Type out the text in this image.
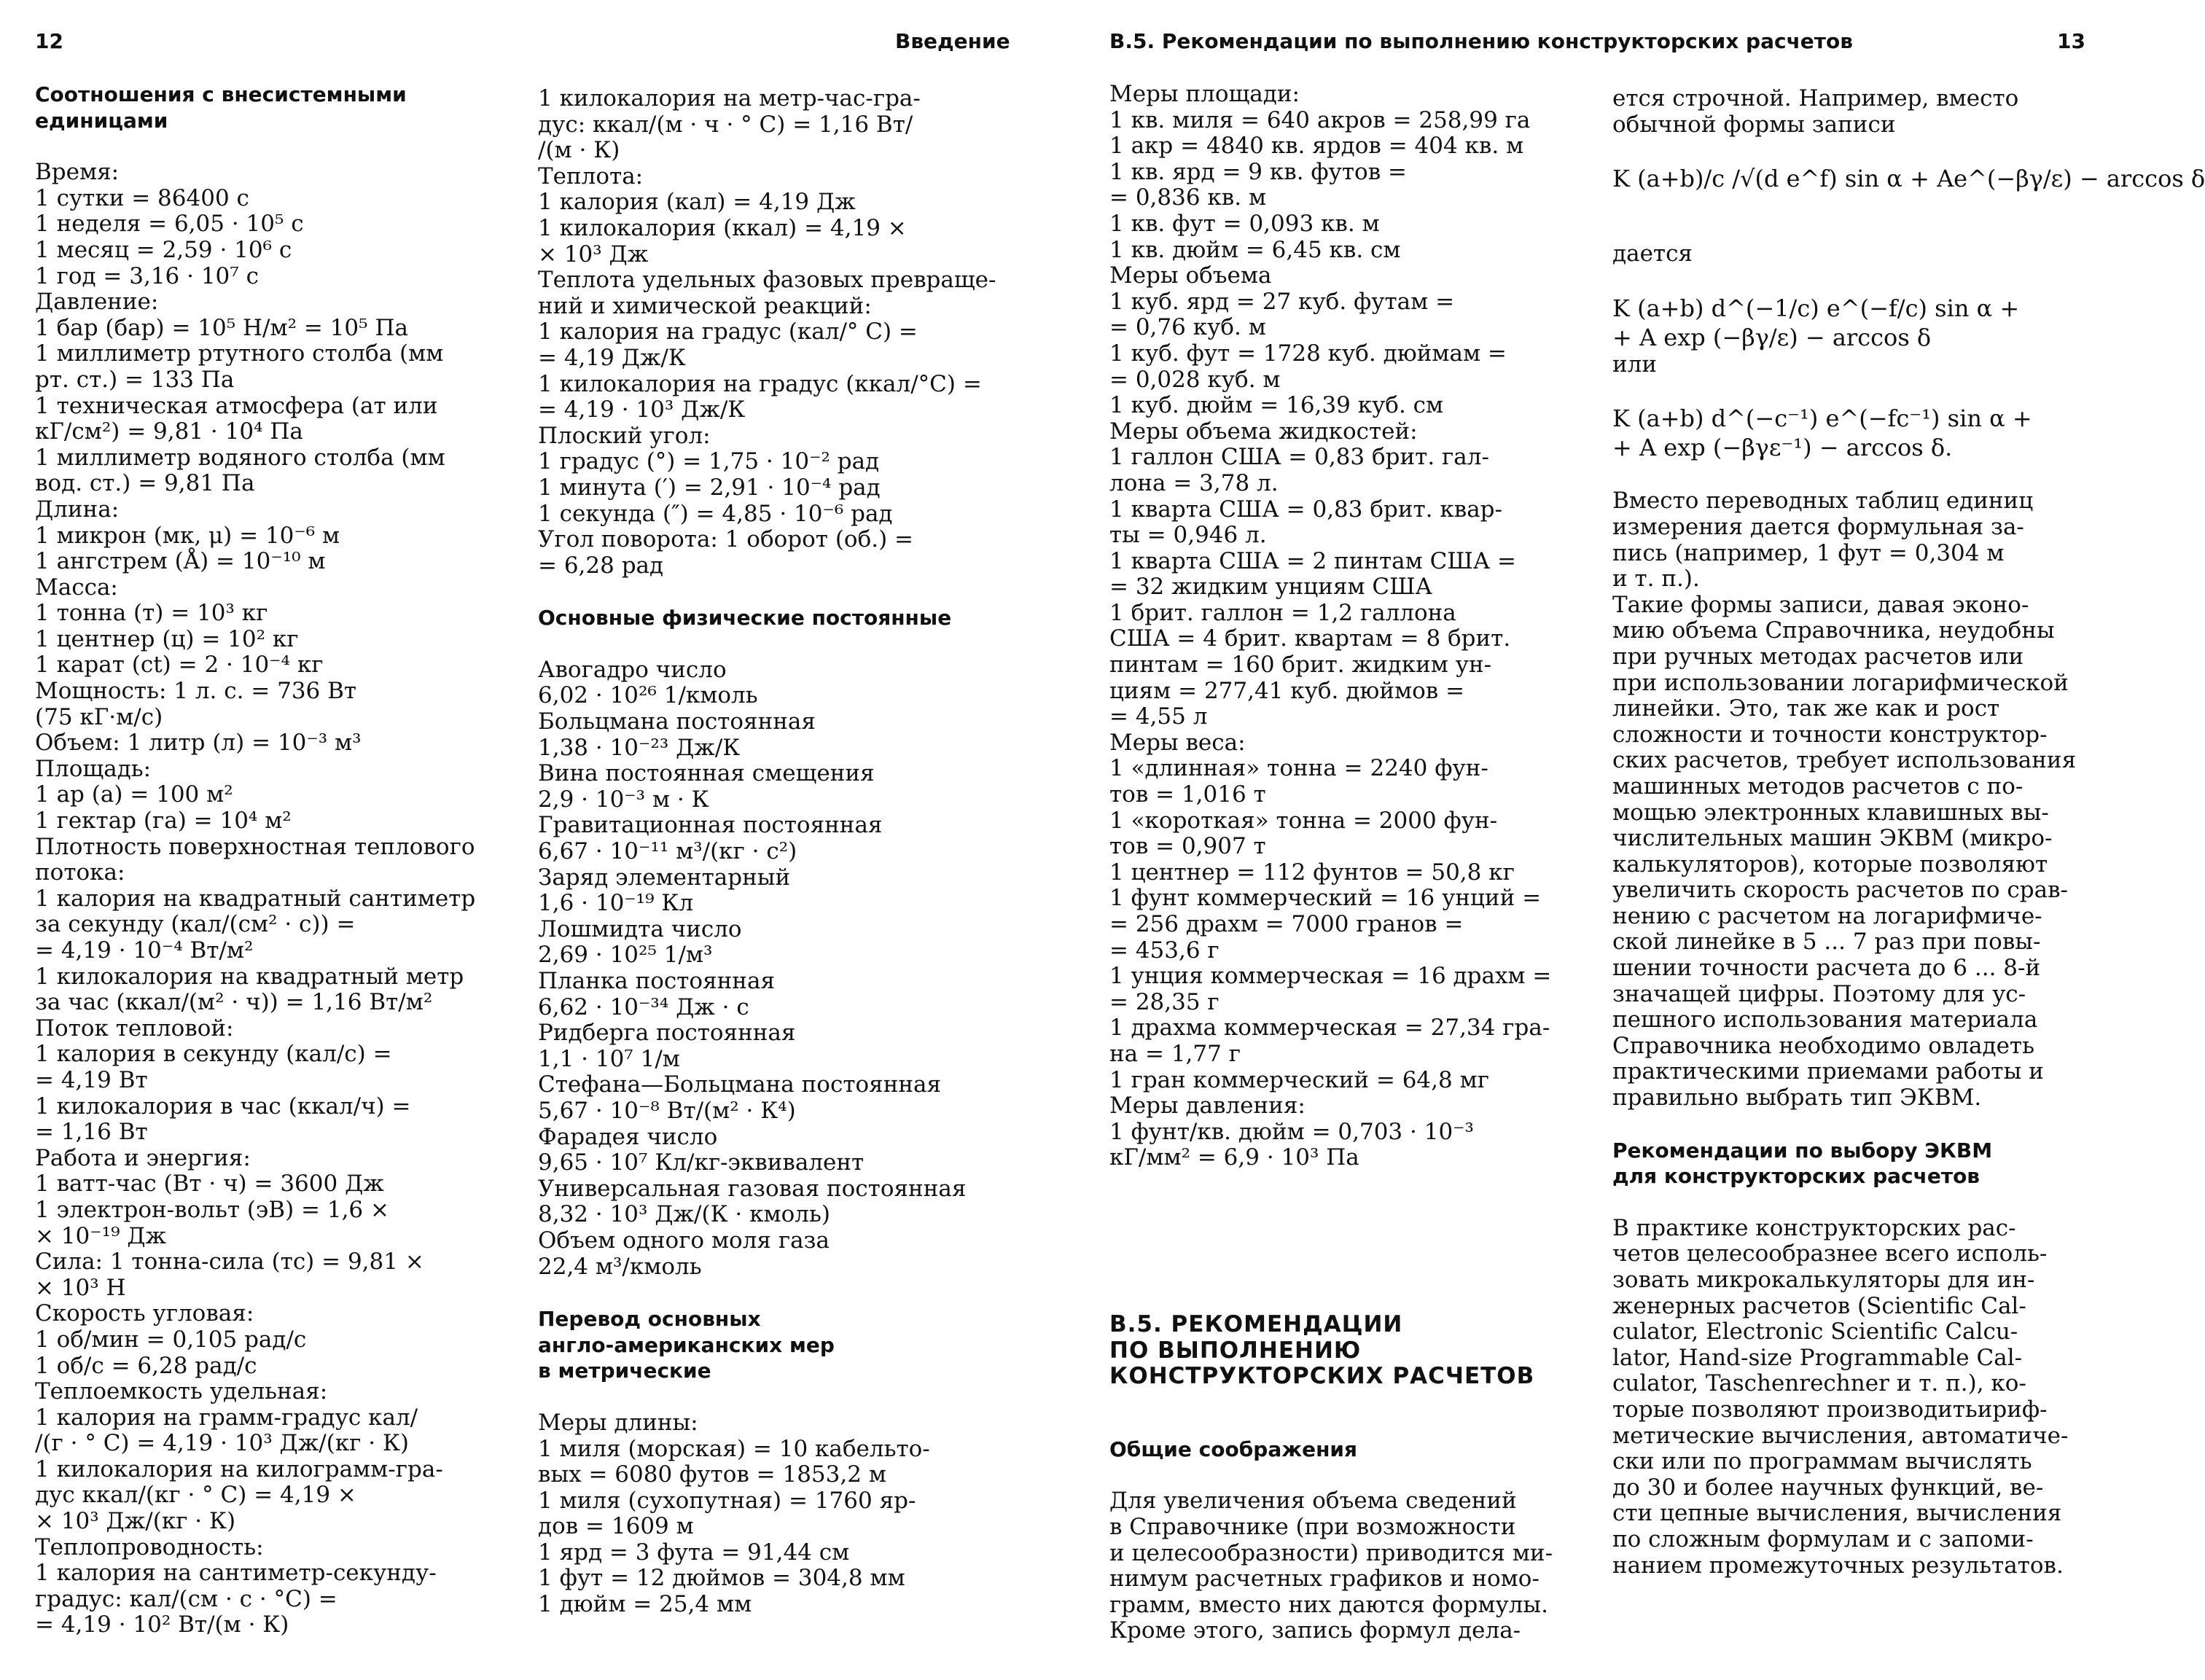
12	Введение
Соотношения с внесистемными
единицами
Время:
1 сутки = 86400 с
1 неделя = 6,05 · 10⁵ с
1 месяц = 2,59 · 10⁶ с
1 год = 3,16 · 10⁷ с
Давление:
1 бар (бар) = 10⁵ Н/м² = 10⁵ Па
1 миллиметр ртутного столба (мм
рт. ст.) = 133 Па
1 техническая атмосфера (ат или
кГ/см²) = 9,81 · 10⁴ Па
1 миллиметр водяного столба (мм
вод. ст.) = 9,81 Па
Длина:
1 микрон (мк, μ) = 10⁻⁶ м
1 ангстрем (Å) = 10⁻¹⁰ м
Масса:
1 тонна (т) = 10³ кг
1 центнер (ц) = 10² кг
1 карат (ct) = 2 · 10⁻⁴ кг
Мощность: 1 л. с. = 736 Вт
(75 кГ·м/с)
Объем: 1 литр (л) = 10⁻³ м³
Площадь:
1 ар (а) = 100 м²
1 гектар (га) = 10⁴ м²
Плотность поверхностная теплового
потока:
1 калория на квадратный сантиметр
за секунду (кал/(см² · с)) =
= 4,19 · 10⁻⁴ Вт/м²
1 килокалория на квадратный метр
за час (ккал/(м² · ч)) = 1,16 Вт/м²
Поток тепловой:
1 калория в секунду (кал/с) =
= 4,19 Вт
1 килокалория в час (ккал/ч) =
= 1,16 Вт
Работа и энергия:
1 ватт-час (Вт · ч) = 3600 Дж
1 электрон-вольт (эВ) = 1,6 ×
× 10⁻¹⁹ Дж
Сила: 1 тонна-сила (тс) = 9,81 ×
× 10³ Н
Скорость угловая:
1 об/мин = 0,105 рад/с
1 об/с = 6,28 рад/с
Теплоемкость удельная:
1 калория на грамм-градус кал/
/(г · ° С) = 4,19 · 10³ Дж/(кг · К)
1 килокалория на килограмм-гра-
дус ккал/(кг · ° С) = 4,19 ×
× 10³ Дж/(кг · К)
Теплопроводность:
1 калория на сантиметр-секунду-
градус: кал/(см · с · °С) =
= 4,19 · 10² Вт/(м · К)
1 килокалория на метр-час-гра-
дус: ккал/(м · ч · ° С) = 1,16 Вт/
/(м · К)
Теплота:
1 калория (кал) = 4,19 Дж
1 килокалория (ккал) = 4,19 ×
× 10³ Дж
Теплота удельных фазовых превраще-
ний и химической реакций:
1 калория на градус (кал/° С) =
= 4,19 Дж/К
1 килокалория на градус (ккал/°С) =
= 4,19 · 10³ Дж/К
Плоский угол:
1 градус (°) = 1,75 · 10⁻² рад
1 минута (′) = 2,91 · 10⁻⁴ рад
1 секунда (″) = 4,85 · 10⁻⁶ рад
Угол поворота: 1 оборот (об.) =
= 6,28 рад
Основные физические постоянные
Авогадро число
6,02 · 10²⁶ 1/кмоль
Больцмана постоянная
1,38 · 10⁻²³ Дж/К
Вина постоянная смещения
2,9 · 10⁻³ м · К
Гравитационная постоянная
6,67 · 10⁻¹¹ м³/(кг · с²)
Заряд элементарный
1,6 · 10⁻¹⁹ Кл
Лошмидта число
2,69 · 10²⁵ 1/м³
Планка постоянная
6,62 · 10⁻³⁴ Дж · с
Ридберга постоянная
1,1 · 10⁷ 1/м
Стефана—Больцмана постоянная
5,67 · 10⁻⁸ Вт/(м² · К⁴)
Фарадея число
9,65 · 10⁷ Кл/кг-эквивалент
Универсальная газовая постоянная
8,32 · 10³ Дж/(К · кмоль)
Объем одного моля газа
22,4 м³/кмоль
Перевод основных
англо-американских мер
в метрические
Меры длины:
1 миля (морская) = 10 кабельто-
вых = 6080 футов = 1853,2 м
1 миля (сухопутная) = 1760 яр-
дов = 1609 м
1 ярд = 3 фута = 91,44 см
1 фут = 12 дюймов = 304,8 мм
1 дюйм = 25,4 мм
В.5. Рекомендации по выполнению конструкторских расчетов	13
Меры площади:
1 кв. миля = 640 акров = 258,99 га
1 акр = 4840 кв. ярдов = 404 кв. м
1 кв. ярд = 9 кв. футов =
= 0,836 кв. м
1 кв. фут = 0,093 кв. м
1 кв. дюйм = 6,45 кв. см
Меры объема
1 куб. ярд = 27 куб. футам =
= 0,76 куб. м
1 куб. фут = 1728 куб. дюймам =
= 0,028 куб. м
1 куб. дюйм = 16,39 куб. см
Меры объема жидкостей:
1 галлон США = 0,83 брит. гал-
лона = 3,78 л.
1 кварта США = 0,83 брит. квар-
ты = 0,946 л.
1 кварта США = 2 пинтам США =
= 32 жидким унциям США
1 брит. галлон = 1,2 галлона
США = 4 брит. квартам = 8 брит.
пинтам = 160 брит. жидким ун-
циям = 277,41 куб. дюймов =
= 4,55 л
Меры веса:
1 «длинная» тонна = 2240 фун-
тов = 1,016 т
1 «короткая» тонна = 2000 фун-
тов = 0,907 т
1 центнер = 112 фунтов = 50,8 кг
1 фунт коммерческий = 16 унций =
= 256 драхм = 7000 гранов =
= 453,6 г
1 унция коммерческая = 16 драхм =
= 28,35 г
1 драхма коммерческая = 27,34 гра-
на = 1,77 г
1 гран коммерческий = 64,8 мг
Меры давления:
1 фунт/кв. дюйм = 0,703 · 10⁻³
кГ/мм² = 6,9 · 10³ Па
В.5. РЕКОМЕНДАЦИИ
ПО ВЫПОЛНЕНИЮ
КОНСТРУКТОРСКИХ РАСЧЕТОВ
Общие соображения
Для увеличения объема сведений
в Справочнике (при возможности
и целесообразности) приводится ми-
нимум расчетных графиков и номо-
грамм, вместо них даются формулы.
Кроме этого, запись формул дела-
ется строчной. Например, вместо
обычной формы записи
K (a+b)/c /√(d e^f) sin α + Ae^(−βγ/ε) − arccos δ
дается
K (a+b) d^(−1/c) e^(−f/c) sin α +
+ A exp (−βγ/ε) − arccos δ
или
K (a+b) d^(−c⁻¹) e^(−fc⁻¹) sin α +
+ A exp (−βγε⁻¹) − arccos δ.
Вместо переводных таблиц единиц
измерения дается формульная за-
пись (например, 1 фут = 0,304 м
и т. п.).
Такие формы записи, давая эконо-
мию объема Справочника, неудобны
при ручных методах расчетов или
при использовании логарифмической
линейки. Это, так же как и рост
сложности и точности конструктор-
ских расчетов, требует использования
машинных методов расчетов с по-
мощью электронных клавишных вы-
числительных машин ЭКВМ (микро-
калькуляторов), которые позволяют
увеличить скорость расчетов по срав-
нению с расчетом на логарифмиче-
ской линейке в 5 ... 7 раз при повы-
шении точности расчета до 6 ... 8-й
значащей цифры. Поэтому для ус-
пешного использования материала
Справочника необходимо овладеть
практическими приемами работы и
правильно выбрать тип ЭКВМ.
Рекомендации по выбору ЭКВМ
для конструкторских расчетов
В практике конструкторских рас-
четов целесообразнее всего исполь-
зовать микрокалькуляторы для ин-
женерных расчетов (Scientific Cal-
culator, Electronic Scientific Calcu-
lator, Hand-size Programmable Cal-
culator, Taschenrechner и т. п.), ко-
торые позволяют производитьириф-
метические вычисления, автоматиче-
ски или по программам вычислять
до 30 и более научных функций, ве-
сти цепные вычисления, вычисления
по сложным формулам и с запоми-
нанием промежуточных результатов.
